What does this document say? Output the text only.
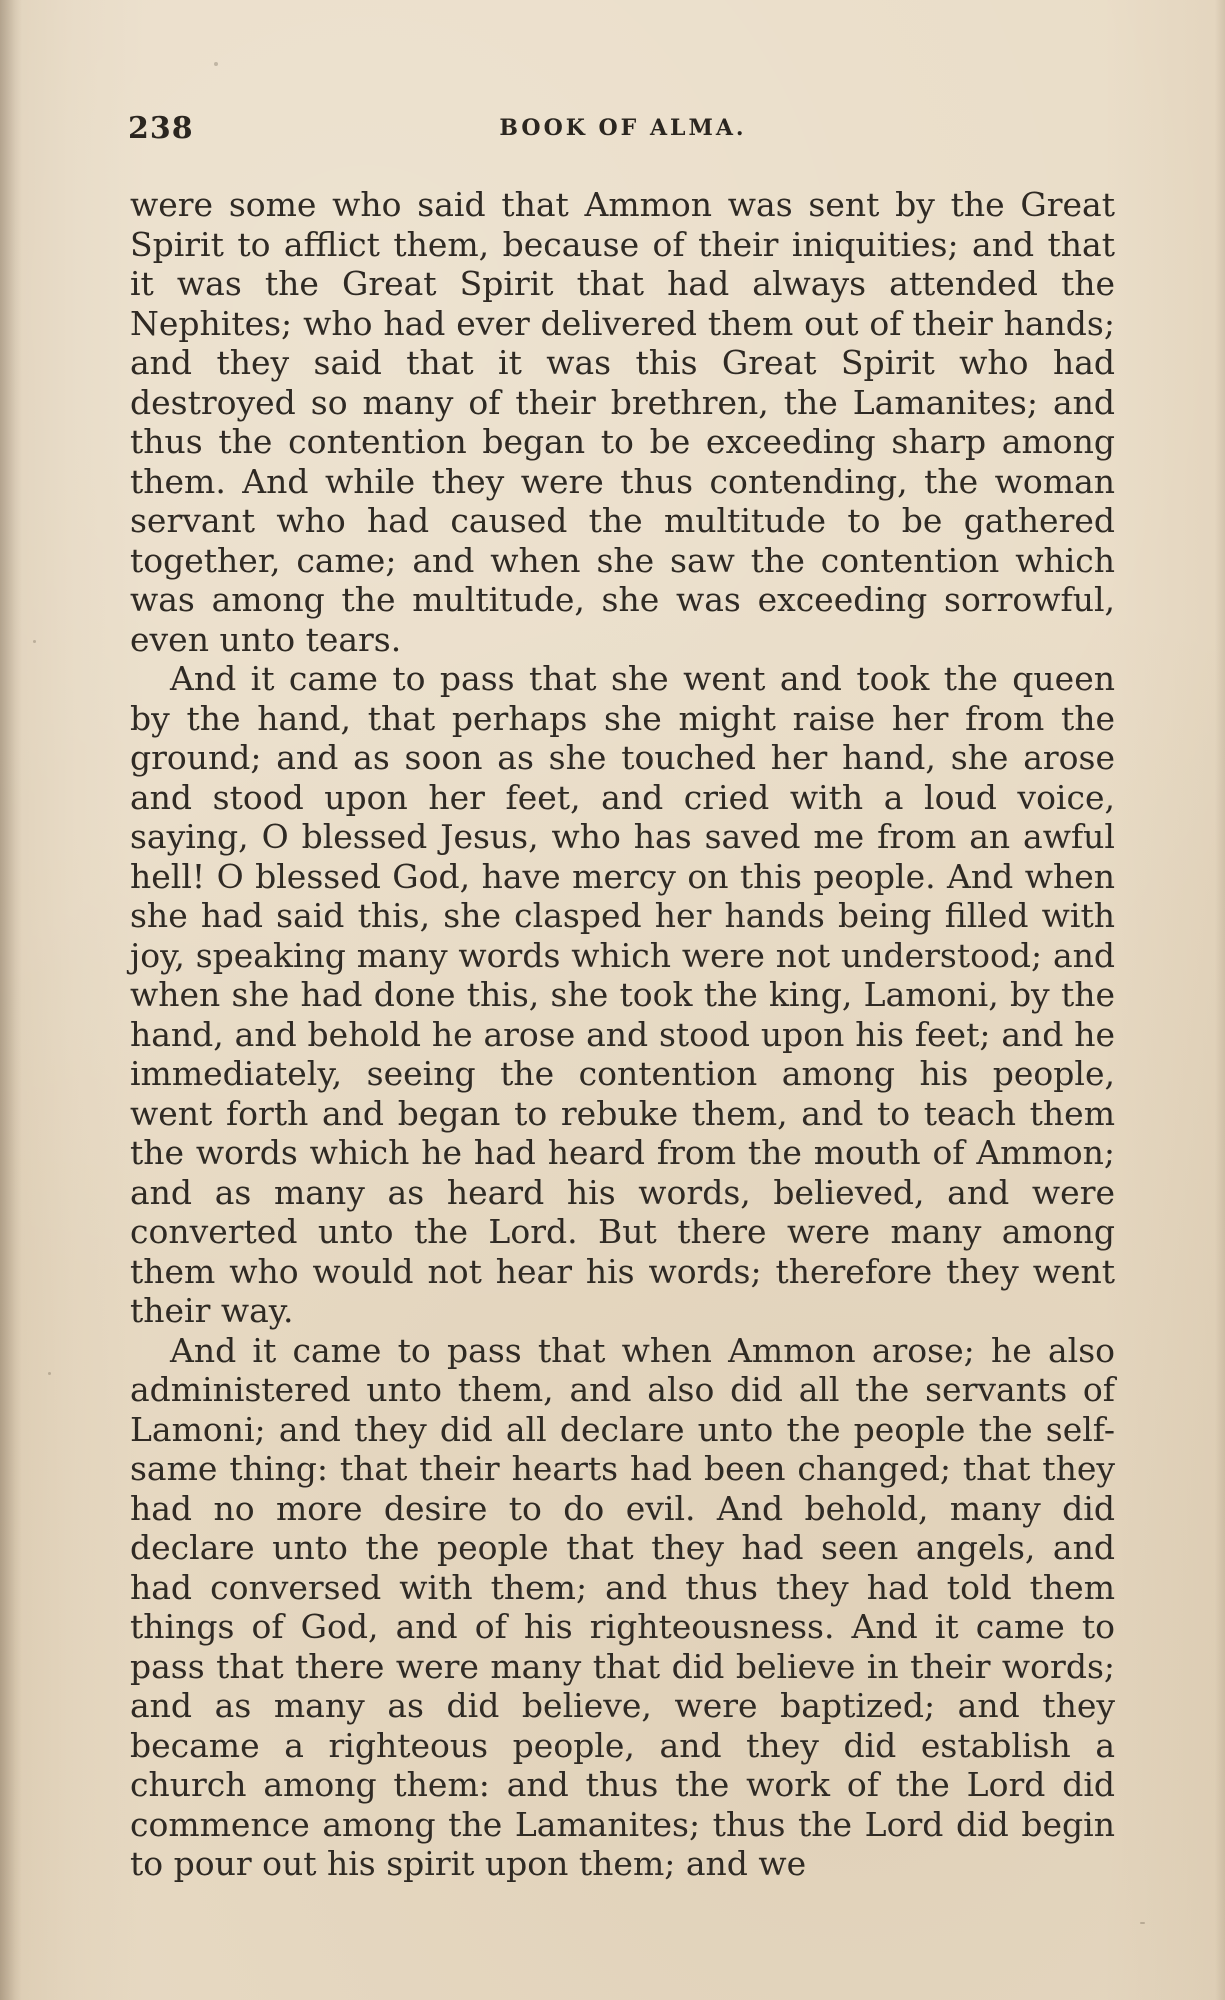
238	BOOK OF ALMA.

were some who said that Ammon was sent by the Great Spirit to afflict them, because of their iniquities; and that it was the Great Spirit that had always attended the Nephites; who had ever delivered them out of their hands; and they said that it was this Great Spirit who had destroyed so many of their brethren, the Lamanites; and thus the contention began to be exceeding sharp among them. And while they were thus contending, the woman servant who had caused the multitude to be gathered together, came; and when she saw the contention which was among the multitude, she was exceeding sorrowful, even unto tears.

And it came to pass that she went and took the queen by the hand, that perhaps she might raise her from the ground; and as soon as she touched her hand, she arose and stood upon her feet, and cried with a loud voice, saying, O blessed Jesus, who has saved me from an awful hell! O blessed God, have mercy on this people. And when she had said this, she clasped her hands being filled with joy, speaking many words which were not understood; and when she had done this, she took the king, Lamoni, by the hand, and behold he arose and stood upon his feet; and he immediately, seeing the contention among his people, went forth and began to rebuke them, and to teach them the words which he had heard from the mouth of Ammon; and as many as heard his words, believed, and were converted unto the Lord. But there were many among them who would not hear his words; therefore they went their way.

And it came to pass that when Ammon arose; he also administered unto them, and also did all the servants of Lamoni; and they did all declare unto the people the self-same thing: that their hearts had been changed; that they had no more desire to do evil. And behold, many did declare unto the people that they had seen angels, and had conversed with them; and thus they had told them things of God, and of his righteousness. And it came to pass that there were many that did believe in their words; and as many as did believe, were baptized; and they became a righteous people, and they did establish a church among them: and thus the work of the Lord did commence among the Lamanites; thus the Lord did begin to pour out his spirit upon them; and we
